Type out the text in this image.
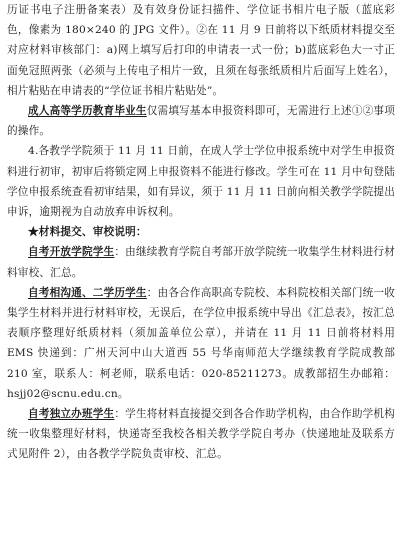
历证书电子注册备案表）及有效身份证扫描件、学位证书相片电子版（蓝底彩色，像素为 180×240 的 JPG 文件）。②在 11 月 9 日前将以下纸质材料提交至对应材料审核部门：a)网上填写后打印的申请表一式一份；b)蓝底彩色大一寸正面免冠照两张（必须与上传电子相片一致，且须在每张纸质相片后面写上姓名），相片粘贴在申请表的“学位证书相片粘贴处”。

成人高等学历教育毕业生仅需填写基本申报资料即可，无需进行上述①②事项的操作。

4.各教学学院须于 11 月 11 日前，在成人学士学位申报系统中对学生申报资料进行初审，初审后将锁定网上申报资料不能进行修改。学生可在 11 月中旬登陆学位申报系统查看初审结果，如有异议，须于 11 月 11 日前向相关教学学院提出申诉，逾期视为自动放弃申诉权利。

★材料提交、审校说明：

自考开放学院学生：由继续教育学院自考部开放学院统一收集学生材料进行材料审校、汇总。

自考相沟通、二学历学生：由各合作高职高专院校、本科院校相关部门统一收集学生材料并进行材料审校，无误后，在学位申报系统中导出《汇总表》，按汇总表顺序整理好纸质材料（须加盖单位公章），并请在 11 月 11 日前将材料用 EMS 快递到：广州天河中山大道西 55 号华南师范大学继续教育学院成教部 210 室，联系人：柯老师，联系电话：020-85211273。成教部招生办邮箱：hsjj02@scnu.edu.cn。

自考独立办班学生：学生将材料直接提交到各合作助学机构，由合作助学机构统一收集整理好材料，快递寄至我校各相关教学学院自考办（快递地址及联系方式见附件 2），由各教学学院负责审校、汇总。
